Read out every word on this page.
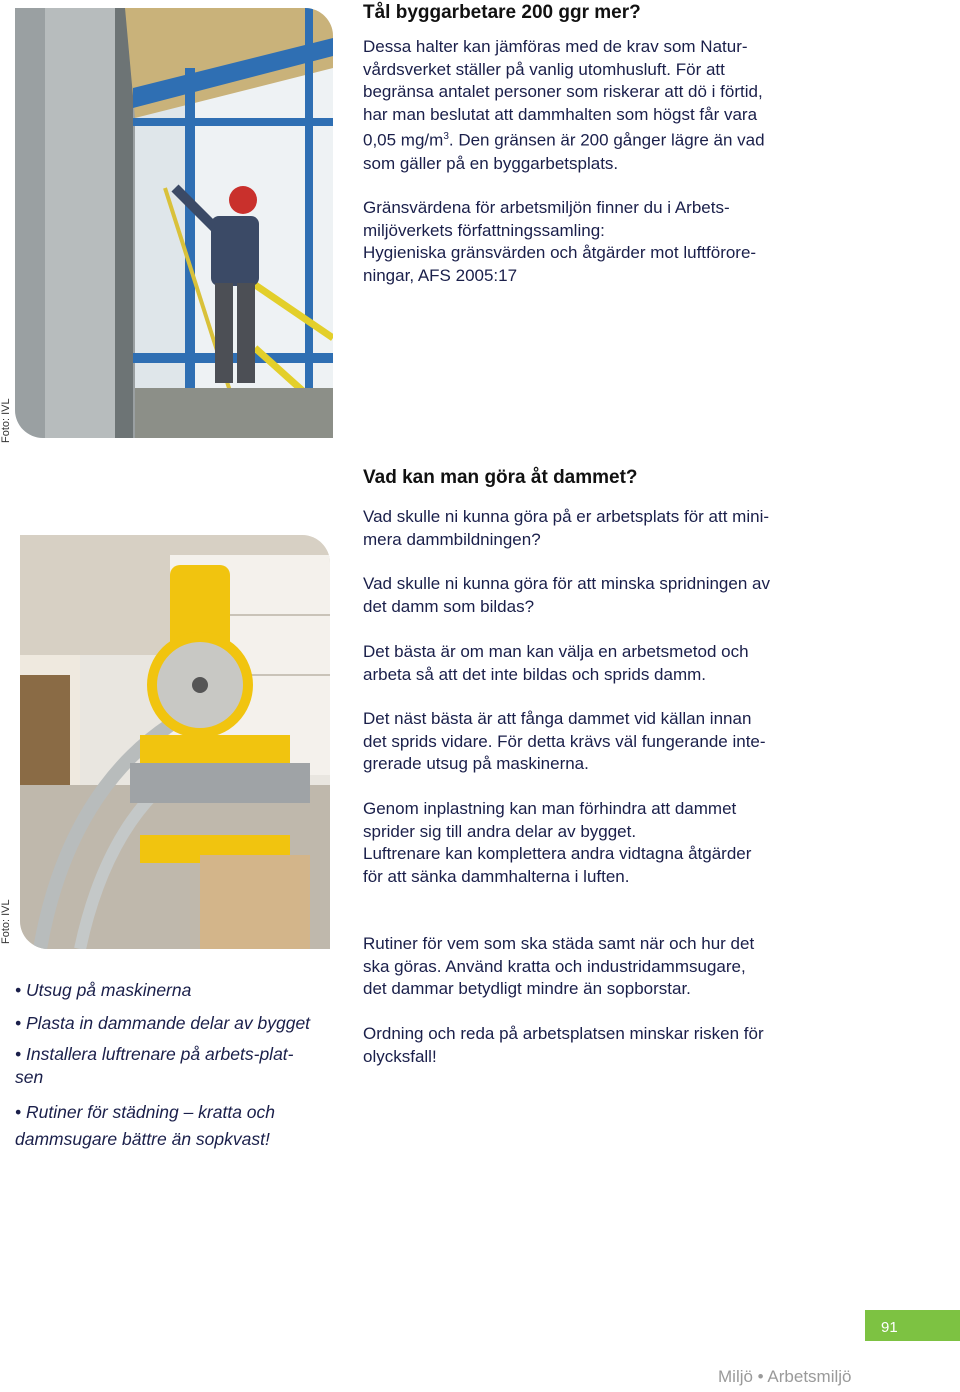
Foto: IVL
Tål byggarbetare 200 ggr mer?

Dessa halter kan jämföras med de krav som Natur-
vårdsverket ställer på vanlig utomhusluft. För att
begränsa antalet personer som riskerar att dö i förtid,
har man beslutat att dammhalten som högst får vara
0,05 $mg/m^3$. Den gränsen är 200 gånger lägre än vad
som gäller på en byggarbetsplats.

Gränsvärdena för arbetsmiljön finner du i Arbets-
miljöverkets författningssamling:
Hygieniska gränsvärden och åtgärder mot luftförore-
ningar, AFS 2005:17

Vad kan man göra åt dammet?

Vad skulle ni kunna göra på er arbetsplats för att mini-
mera dammbildningen?

Vad skulle ni kunna göra för att minska spridningen av
det damm som bildas?

Det bästa är om man kan välja en arbetsmetod och
arbeta så att det inte bildas och sprids damm.

Det näst bästa är att fånga dammet vid källan innan
det sprids vidare. För detta krävs väl fungerande inte-
grerade utsug på maskinerna.

Genom inplastning kan man förhindra att dammet
sprider sig till andra delar av bygget.
Luftrenare kan komplettera andra vidtagna åtgärder
för att sänka dammhalterna i luften.

Rutiner för vem som ska städa samt när och hur det
ska göras. Använd kratta och industridammsugare,
det dammar betydligt mindre än sopborstar.

Ordning och reda på arbetsplatsen minskar risken för
olycksfall!

Foto: IVL

• Utsug på maskinerna

• Plasta in dammande delar av bygget

• Installera luftrenare på arbets-plat-
sen

• Rutiner för städning – kratta och
dammsugare bättre än sopkvast!

91
Miljö • Arbetsmiljö
